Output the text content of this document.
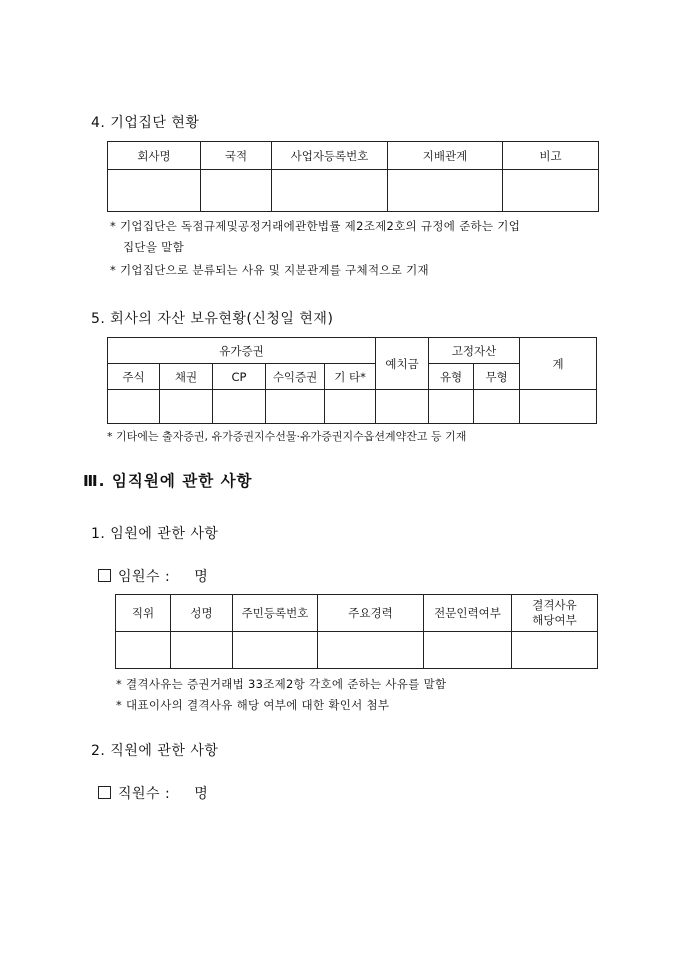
4. 기업집단 현황
회사명	국적	사업자등록번호	지배관계	비고

* 기업집단은 독점규제및공정거래에관한법률 제2조제2호의 규정에 준하는 기업
집단을 말함
* 기업집단으로 분류되는 사유 및 지분관계를 구체적으로 기재
5. 회사의 자산 보유현황(신청일 현재)
유가증권					예치금	고정자산		계
주식	채권	CP	수익증권	기 타*		유형	무형	

* 기타에는 출자증권, 유가증권지수선물·유가증권지수옵션계약잔고 등 기재
Ⅲ. 임직원에 관한 사항
1. 임원에 관한 사항
임원수 : 명
직위	성명	주민등록번호	주요경력	전문인력여부	결격사유
해당여부

* 결격사유는 증권거래법 33조제2항 각호에 준하는 사유를 말함
* 대표이사의 결격사유 해당 여부에 대한 확인서 첨부
2. 직원에 관한 사항
직원수 : 명
